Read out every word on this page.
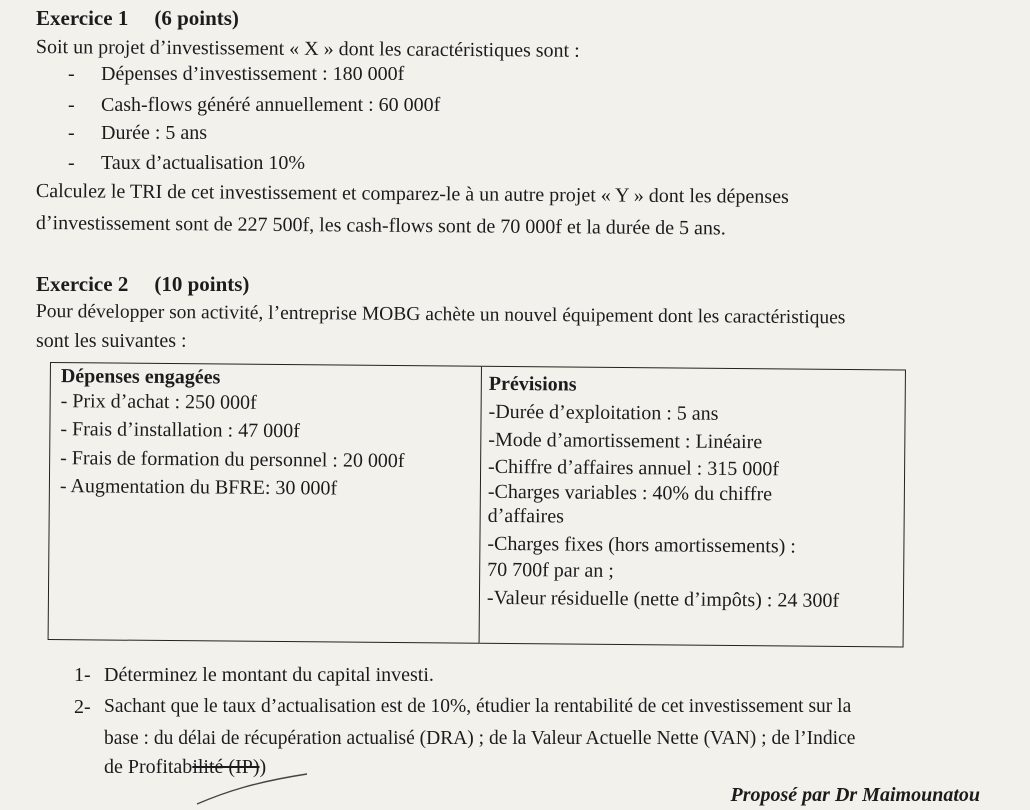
Exercice 1 (6 points)
Soit un projet d’investissement « X » dont les caractéristiques sont :
- Dépenses d’investissement : 180 000f
- Cash-flows généré annuellement : 60 000f
- Durée : 5 ans
- Taux d’actualisation 10%
Calculez le TRI de cet investissement et comparez-le à un autre projet « Y » dont les dépenses
d’investissement sont de 227 500f, les cash-flows sont de 70 000f et la durée de 5 ans.
Exercice 2 (10 points)
Pour développer son activité, l’entreprise MOBG achète un nouvel équipement dont les caractéristiques
sont les suivantes :
Dépenses engagées
- Prix d’achat : 250 000f
- Frais d’installation : 47 000f
- Frais de formation du personnel : 20 000f
- Augmentation du BFRE: 30 000f
Prévisions
-Durée d’exploitation : 5 ans
-Mode d’amortissement : Linéaire
-Chiffre d’affaires annuel : 315 000f
-Charges variables : 40% du chiffre
d’affaires
-Charges fixes (hors amortissements) :
70 700f par an ;
-Valeur résiduelle (nette d’impôts) : 24 300f
1- Déterminez le montant du capital investi.
2- Sachant que le taux d’actualisation est de 10%, étudier la rentabilité de cet investissement sur la
base : du délai de récupération actualisé (DRA) ; de la Valeur Actuelle Nette (VAN) ; de l’Indice
de Profitabilité (IP))
Proposé par Dr Maimounatou
